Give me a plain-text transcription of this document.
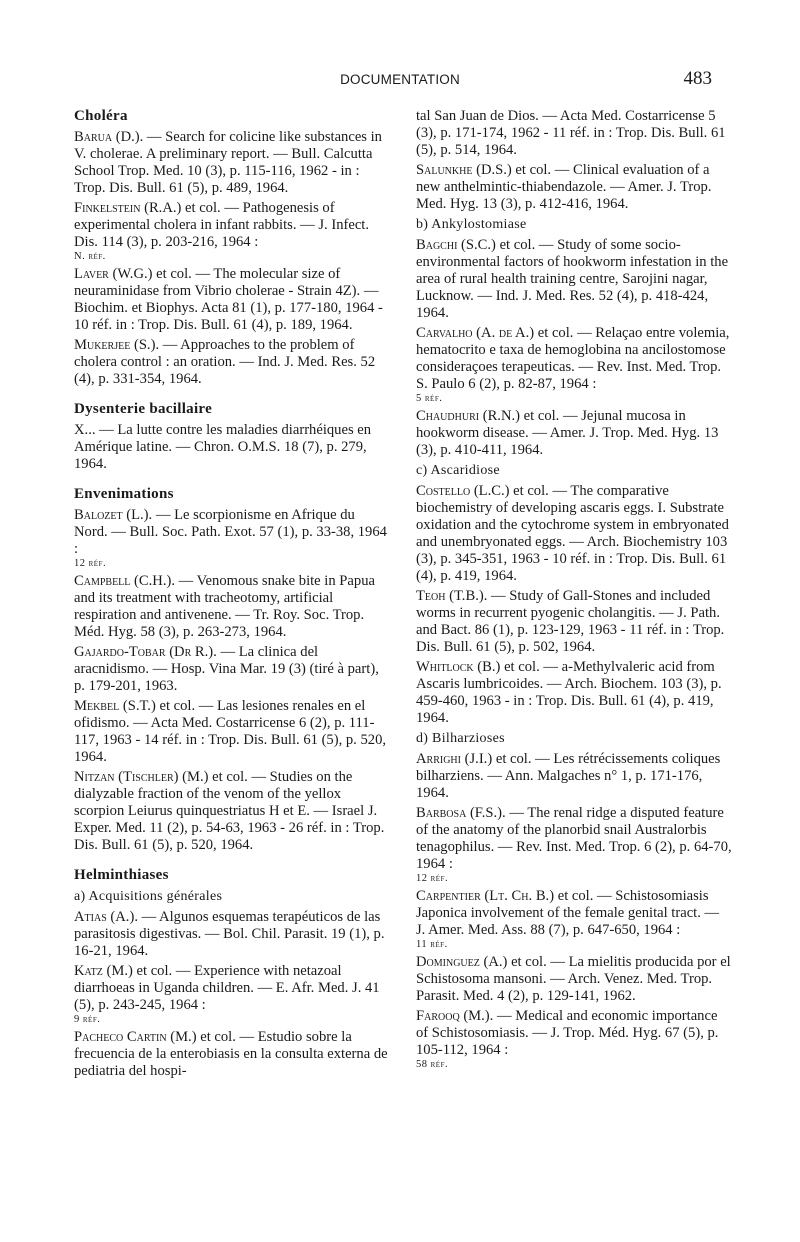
DOCUMENTATION	483
Choléra
Barua (D.). — Search for colicine like substances in V. cholerae. A preliminary report. — Bull. Calcutta School Trop. Med. 10 (3), p. 115-116, 1962 - in : Trop. Dis. Bull. 61 (5), p. 489, 1964.
Finkelstein (R.A.) et col. — Pathogenesis of experimental cholera in infant rabbits. — J. Infect. Dis. 114 (3), p. 203-216, 1964 :
N. réf.
Laver (W.G.) et col. — The molecular size of neuraminidase from Vibrio cholerae - Strain 4Z). — Biochim. et Biophys. Acta 81 (1), p. 177-180, 1964 - 10 réf. in : Trop. Dis. Bull. 61 (4), p. 189, 1964.
Mukerjee (S.). — Approaches to the problem of cholera control : an oration. — Ind. J. Med. Res. 52 (4), p. 331-354, 1964.
Dysenterie bacillaire
X... — La lutte contre les maladies diarrhéiques en Amérique latine. — Chron. O.M.S. 18 (7), p. 279, 1964.
Envenimations
Balozet (L.). — Le scorpionisme en Afrique du Nord. — Bull. Soc. Path. Exot. 57 (1), p. 33-38, 1964 :
12 réf.
Campbell (C.H.). — Venomous snake bite in Papua and its treatment with tracheotomy, artificial respiration and antivenene. — Tr. Roy. Soc. Trop. Méd. Hyg. 58 (3), p. 263-273, 1964.
Gajardo-Tobar (Dr R.). — La clinica del aracnidismo. — Hosp. Vina Mar. 19 (3) (tiré à part), p. 179-201, 1963.
Mekbel (S.T.) et col. — Las lesiones renales en el ofidismo. — Acta Med. Costarricense 6 (2), p. 111-117, 1963 - 14 réf. in : Trop. Dis. Bull. 61 (5), p. 520, 1964.
Nitzan (Tischler) (M.) et col. — Studies on the dialyzable fraction of the venom of the yellox scorpion Leiurus quinquestriatus H et E. — Israel J. Exper. Med. 11 (2), p. 54-63, 1963 - 26 réf. in : Trop. Dis. Bull. 61 (5), p. 520, 1964.
Helminthiases
a) Acquisitions générales
Atias (A.). — Algunos esquemas terapéuticos de las parasitosis digestivas. — Bol. Chil. Parasit. 19 (1), p. 16-21, 1964.
Katz (M.) et col. — Experience with netazoal diarrhoeas in Uganda children. — E. Afr. Med. J. 41 (5), p. 243-245, 1964 :
9 réf.
Pacheco Cartin (M.) et col. — Estudio sobre la frecuencia de la enterobiasis en la consulta externa de pediatria del hospi-
tal San Juan de Dios. — Acta Med. Costarricense 5 (3), p. 171-174, 1962 - 11 réf. in : Trop. Dis. Bull. 61 (5), p. 514, 1964.
Salunkhe (D.S.) et col. — Clinical evaluation of a new anthelmintic-thiabendazole. — Amer. J. Trop. Med. Hyg. 13 (3), p. 412-416, 1964.
b) Ankylostomiase
Bagchi (S.C.) et col. — Study of some socio-environmental factors of hookworm infestation in the area of rural health training centre, Sarojini nagar, Lucknow. — Ind. J. Med. Res. 52 (4), p. 418-424, 1964.
Carvalho (A. de A.) et col. — Relaçao entre volemia, hematocrito e taxa de hemoglobina na ancilostomose consideraçoes terapeuticas. — Rev. Inst. Med. Trop. S. Paulo 6 (2), p. 82-87, 1964 :
5 réf.
Chaudhuri (R.N.) et col. — Jejunal mucosa in hookworm disease. — Amer. J. Trop. Med. Hyg. 13 (3), p. 410-411, 1964.
c) Ascaridiose
Costello (L.C.) et col. — The comparative biochemistry of developing ascaris eggs. I. Substrate oxidation and the cytochrome system in embryonated and unembryonated eggs. — Arch. Biochemistry 103 (3), p. 345-351, 1963 - 10 réf. in : Trop. Dis. Bull. 61 (4), p. 419, 1964.
Teoh (T.B.). — Study of Gall-Stones and included worms in recurrent pyogenic cholangitis. — J. Path. and Bact. 86 (1), p. 123-129, 1963 - 11 réf. in : Trop. Dis. Bull. 61 (5), p. 502, 1964.
Whitlock (B.) et col. — a-Methylvaleric acid from Ascaris lumbricoides. — Arch. Biochem. 103 (3), p. 459-460, 1963 - in : Trop. Dis. Bull. 61 (4), p. 419, 1964.
d) Bilharzioses
Arrighi (J.I.) et col. — Les rétrécissements coliques bilharziens. — Ann. Malgaches n° 1, p. 171-176, 1964.
Barbosa (F.S.). — The renal ridge a disputed feature of the anatomy of the planorbid snail Australorbis tenagophilus. — Rev. Inst. Med. Trop. 6 (2), p. 64-70, 1964 :
12 réf.
Carpentier (Lt. Ch. B.) et col. — Schistosomiasis Japonica involvement of the female genital tract. — J. Amer. Med. Ass. 88 (7), p. 647-650, 1964 :
11 réf.
Dominguez (A.) et col. — La mielitis producida por el Schistosoma mansoni. — Arch. Venez. Med. Trop. Parasit. Med. 4 (2), p. 129-141, 1962.
Farooq (M.). — Medical and economic importance of Schistosomiasis. — J. Trop. Méd. Hyg. 67 (5), p. 105-112, 1964 :
58 réf.
